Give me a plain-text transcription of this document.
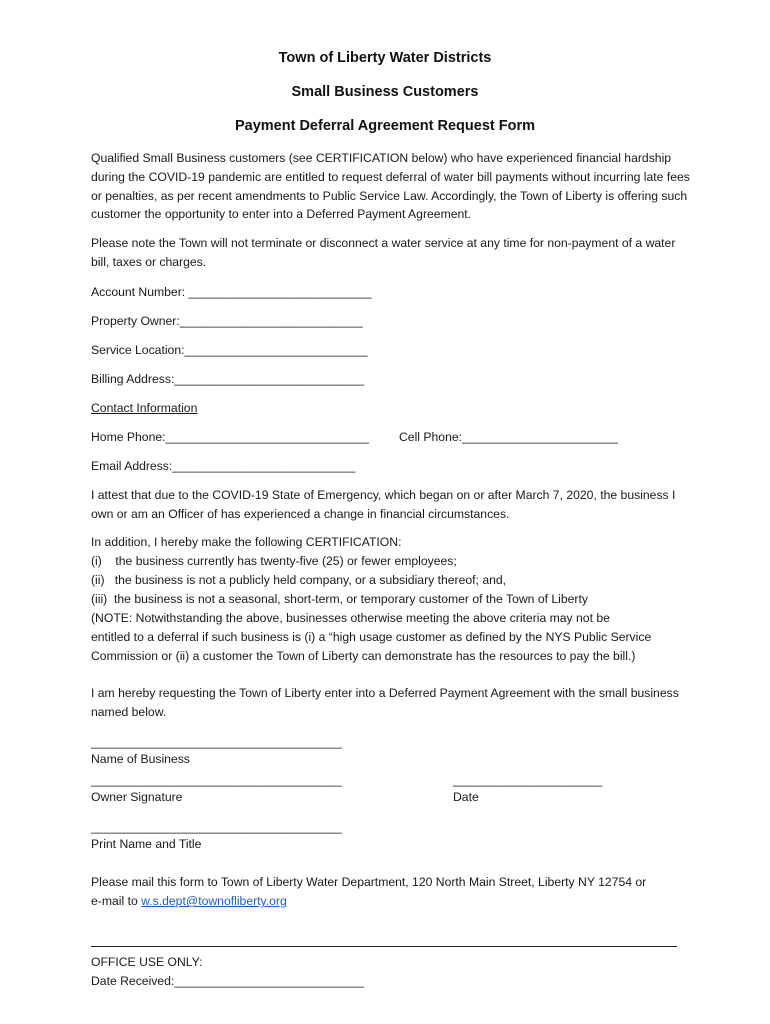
Town of Liberty Water Districts
Small Business Customers
Payment Deferral Agreement Request Form
Qualified Small Business customers (see CERTIFICATION below) who have experienced financial hardship during the COVID-19 pandemic are entitled to request deferral of water bill payments without incurring late fees or penalties, as per recent amendments to Public Service Law. Accordingly, the Town of Liberty is offering such customer the opportunity to enter into a Deferred Payment Agreement.
Please note the Town will not terminate or disconnect a water service at any time for non-payment of a water bill, taxes or charges.
Account Number: ___________________________
Property Owner:___________________________
Service Location:___________________________
Billing Address:____________________________
Contact Information
Home Phone:______________________________ Cell Phone:_______________________
Email Address:___________________________
I attest that due to the COVID-19 State of Emergency, which began on or after March 7, 2020, the business I own or am an Officer of has experienced a change in financial circumstances.
In addition, I hereby make the following CERTIFICATION:
(i)    the business currently has twenty-five (25) or fewer employees;
(ii)   the business is not a publicly held company, or a subsidiary thereof; and,
(iii)  the business is not a seasonal, short-term, or temporary customer of the Town of Liberty
(NOTE: Notwithstanding the above, businesses otherwise meeting the above criteria may not be
entitled to a deferral if such business is (i) a “high usage customer as defined by the NYS Public Service
Commission or (ii) a customer the Town of Liberty can demonstrate has the resources to pay the bill.)
I am hereby requesting the Town of Liberty enter into a Deferred Payment Agreement with the small business named below.
_____________________________________
Name of Business
_____________________________________
Owner Signature
______________________
Date
_____________________________________
Print Name and Title
Please mail this form to Town of Liberty Water Department, 120 North Main Street, Liberty NY 12754 or
e-mail to w.s.dept@townofliberty.org
OFFICE USE ONLY:
Date Received:____________________________
